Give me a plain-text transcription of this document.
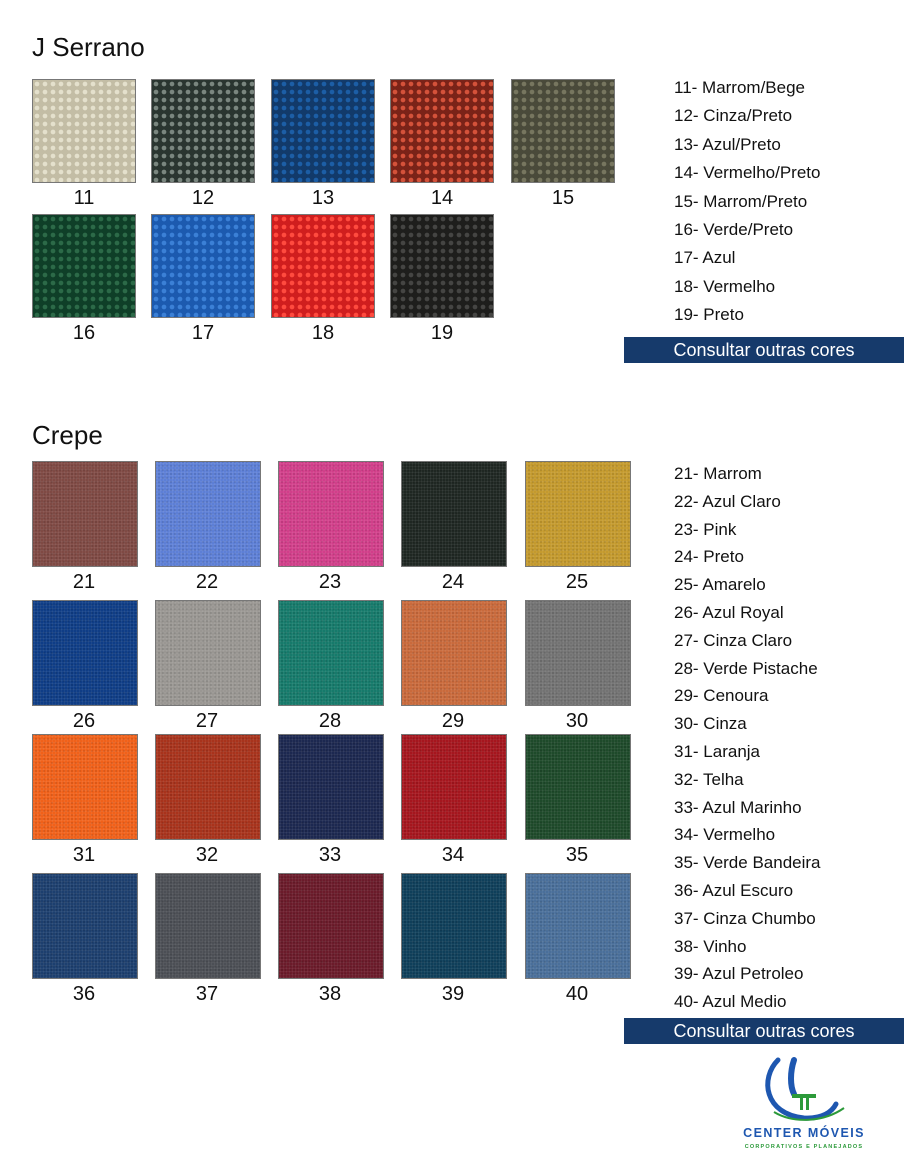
J Serrano
11	12	13	14	15
16	17	18	19
11- Marrom/Bege
12- Cinza/Preto
13- Azul/Preto
14- Vermelho/Preto
15- Marrom/Preto
16- Verde/Preto
17- Azul
18- Vermelho
19- Preto
Consultar outras cores
Crepe
21	22	23	24	25
26	27	28	29	30
31	32	33	34	35
36	37	38	39	40
21- Marrom
22- Azul Claro
23- Pink
24- Preto
25- Amarelo
26- Azul Royal
27- Cinza Claro
28- Verde Pistache
29- Cenoura
30- Cinza
31- Laranja
32- Telha
33- Azul Marinho
34- Vermelho
35- Verde Bandeira
36- Azul Escuro
37- Cinza Chumbo
38- Vinho
39- Azul Petroleo
40- Azul Medio
Consultar outras cores
CENTER MÓVEIS
CORPORATIVOS E PLANEJADOS
